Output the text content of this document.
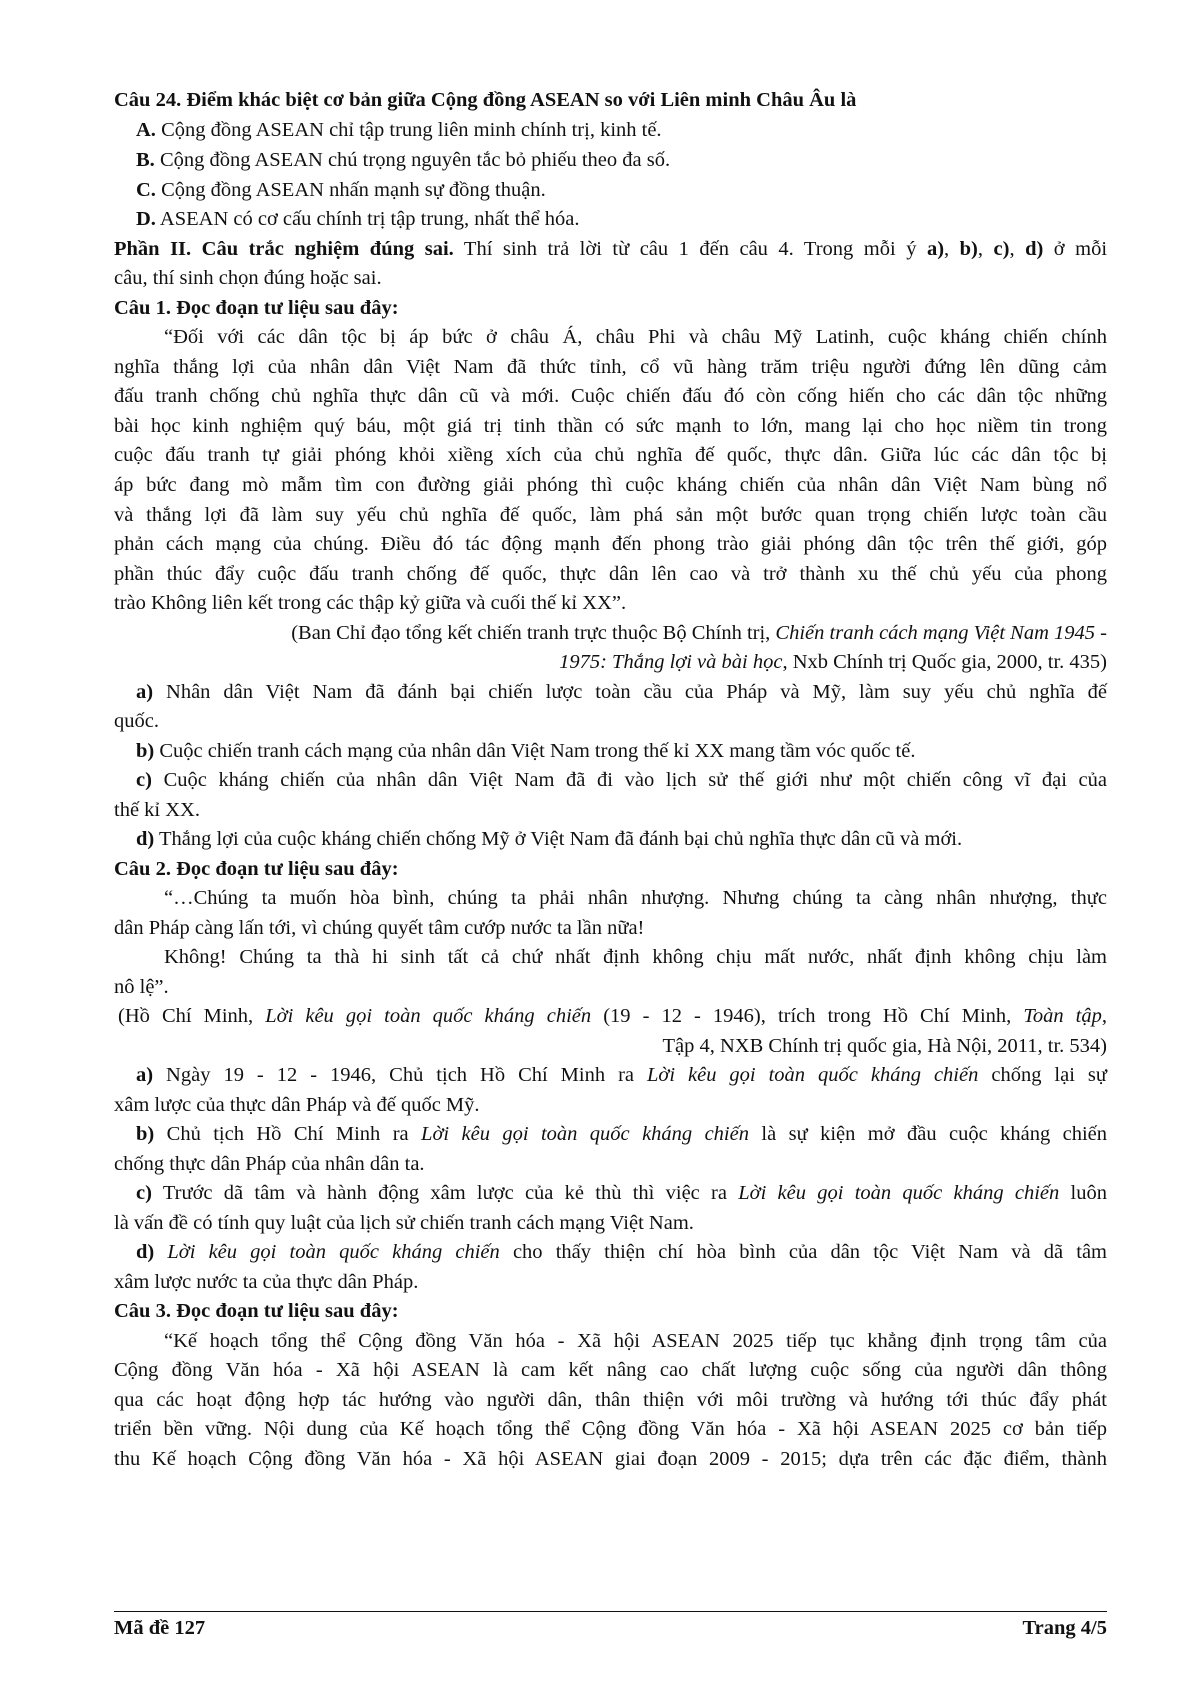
Câu 24. Điểm khác biệt cơ bản giữa Cộng đồng ASEAN so với Liên minh Châu Âu là
A. Cộng đồng ASEAN chỉ tập trung liên minh chính trị, kinh tế.
B. Cộng đồng ASEAN chú trọng nguyên tắc bỏ phiếu theo đa số.
C. Cộng đồng ASEAN nhấn mạnh sự đồng thuận.
D. ASEAN có cơ cấu chính trị tập trung, nhất thể hóa.
Phần II. Câu trắc nghiệm đúng sai. Thí sinh trả lời từ câu 1 đến câu 4. Trong mỗi ý a), b), c), d) ở mỗi
câu, thí sinh chọn đúng hoặc sai.
Câu 1. Đọc đoạn tư liệu sau đây:
“Đối với các dân tộc bị áp bức ở châu Á, châu Phi và châu Mỹ Latinh, cuộc kháng chiến chính
nghĩa thắng lợi của nhân dân Việt Nam đã thức tỉnh, cổ vũ hàng trăm triệu người đứng lên dũng cảm
đấu tranh chống chủ nghĩa thực dân cũ và mới. Cuộc chiến đấu đó còn cống hiến cho các dân tộc những
bài học kinh nghiệm quý báu, một giá trị tinh thần có sức mạnh to lớn, mang lại cho học niềm tin trong
cuộc đấu tranh tự giải phóng khỏi xiềng xích của chủ nghĩa đế quốc, thực dân. Giữa lúc các dân tộc bị
áp bức đang mò mẫm tìm con đường giải phóng thì cuộc kháng chiến của nhân dân Việt Nam bùng nổ
và thắng lợi đã làm suy yếu chủ nghĩa đế quốc, làm phá sản một bước quan trọng chiến lược toàn cầu
phản cách mạng của chúng. Điều đó tác động mạnh đến phong trào giải phóng dân tộc trên thế giới, góp
phần thúc đẩy cuộc đấu tranh chống đế quốc, thực dân lên cao và trở thành xu thế chủ yếu của phong
trào Không liên kết trong các thập kỷ giữa và cuối thế kỉ XX”.
(Ban Chỉ đạo tổng kết chiến tranh trực thuộc Bộ Chính trị, Chiến tranh cách mạng Việt Nam 1945 -
1975: Thắng lợi và bài học, Nxb Chính trị Quốc gia, 2000, tr. 435)
a) Nhân dân Việt Nam đã đánh bại chiến lược toàn cầu của Pháp và Mỹ, làm suy yếu chủ nghĩa đế
quốc.
b) Cuộc chiến tranh cách mạng của nhân dân Việt Nam trong thế kỉ XX mang tầm vóc quốc tế.
c) Cuộc kháng chiến của nhân dân Việt Nam đã đi vào lịch sử thế giới như một chiến công vĩ đại của
thế kỉ XX.
d) Thắng lợi của cuộc kháng chiến chống Mỹ ở Việt Nam đã đánh bại chủ nghĩa thực dân cũ và mới.
Câu 2. Đọc đoạn tư liệu sau đây:
“…Chúng ta muốn hòa bình, chúng ta phải nhân nhượng. Nhưng chúng ta càng nhân nhượng, thực
dân Pháp càng lấn tới, vì chúng quyết tâm cướp nước ta lần nữa!
Không! Chúng ta thà hi sinh tất cả chứ nhất định không chịu mất nước, nhất định không chịu làm
nô lệ”.
(Hồ Chí Minh, Lời kêu gọi toàn quốc kháng chiến (19 - 12 - 1946), trích trong Hồ Chí Minh, Toàn tập,
Tập 4, NXB Chính trị quốc gia, Hà Nội, 2011, tr. 534)
a) Ngày 19 - 12 - 1946, Chủ tịch Hồ Chí Minh ra Lời kêu gọi toàn quốc kháng chiến chống lại sự
xâm lược của thực dân Pháp và đế quốc Mỹ.
b) Chủ tịch Hồ Chí Minh ra Lời kêu gọi toàn quốc kháng chiến là sự kiện mở đầu cuộc kháng chiến
chống thực dân Pháp của nhân dân ta.
c) Trước dã tâm và hành động xâm lược của kẻ thù thì việc ra Lời kêu gọi toàn quốc kháng chiến luôn
là vấn đề có tính quy luật của lịch sử chiến tranh cách mạng Việt Nam.
d) Lời kêu gọi toàn quốc kháng chiến cho thấy thiện chí hòa bình của dân tộc Việt Nam và dã tâm
xâm lược nước ta của thực dân Pháp.
Câu 3. Đọc đoạn tư liệu sau đây:
“Kế hoạch tổng thể Cộng đồng Văn hóa - Xã hội ASEAN 2025 tiếp tục khẳng định trọng tâm của
Cộng đồng Văn hóa - Xã hội ASEAN là cam kết nâng cao chất lượng cuộc sống của người dân thông
qua các hoạt động hợp tác hướng vào người dân, thân thiện với môi trường và hướng tới thúc đẩy phát
triển bền vững. Nội dung của Kế hoạch tổng thể Cộng đồng Văn hóa - Xã hội ASEAN 2025 cơ bản tiếp
thu Kế hoạch Cộng đồng Văn hóa - Xã hội ASEAN giai đoạn 2009 - 2015; dựa trên các đặc điểm, thành
Mã đề 127	Trang 4/5
